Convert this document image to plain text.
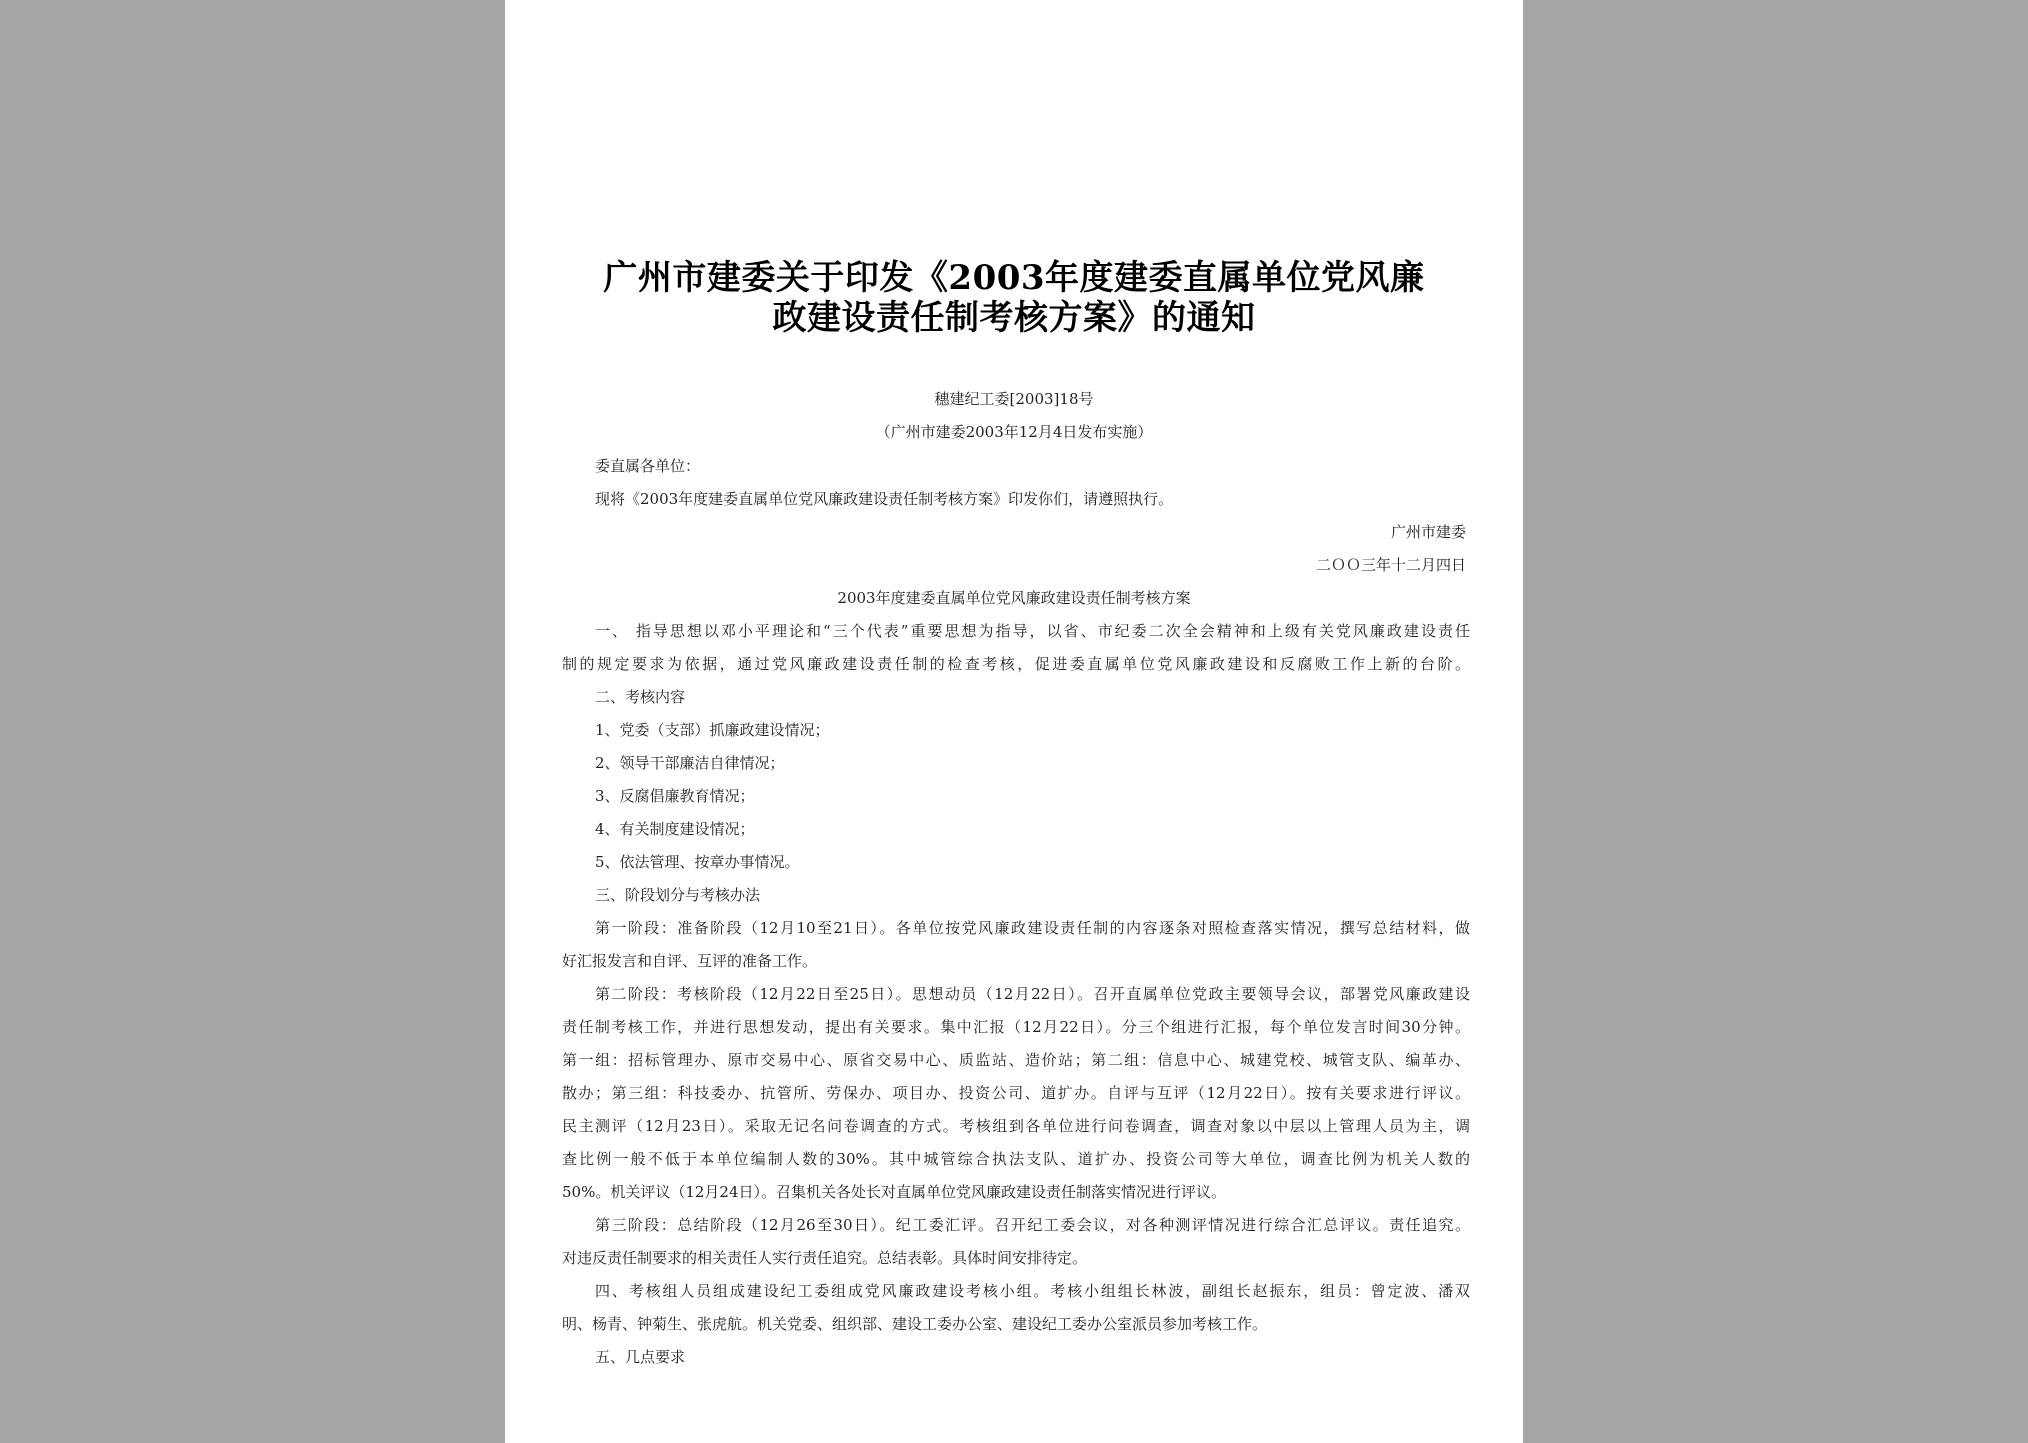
广州市建委关于印发《2003年度建委直属单位党风廉
政建设责任制考核方案》的通知
穗建纪工委[2003]18号
（广州市建委2003年12月4日发布实施）
委直属各单位：
现将《2003年度建委直属单位党风廉政建设责任制考核方案》印发你们，请遵照执行。
广州市建委
二ＯＯ三年十二月四日
2003年度建委直属单位党风廉政建设责任制考核方案
一、 指导思想以邓小平理论和“三个代表”重要思想为指导，以省、市纪委二次全会精神和上级有关党风廉政建设责任
制的规定要求为依据，通过党风廉政建设责任制的检查考核，促进委直属单位党风廉政建设和反腐败工作上新的台阶。
二、考核内容
1、党委（支部）抓廉政建设情况；
2、领导干部廉洁自律情况；
3、反腐倡廉教育情况；
4、有关制度建设情况；
5、依法管理、按章办事情况。
三、阶段划分与考核办法
第一阶段：准备阶段（12月10至21日）。各单位按党风廉政建设责任制的内容逐条对照检查落实情况，撰写总结材料，做
好汇报发言和自评、互评的准备工作。
第二阶段：考核阶段（12月22日至25日）。思想动员（12月22日）。召开直属单位党政主要领导会议，部署党风廉政建设
责任制考核工作，并进行思想发动，提出有关要求。集中汇报（12月22日）。分三个组进行汇报，每个单位发言时间30分钟。
第一组：招标管理办、原市交易中心、原省交易中心、质监站、造价站；第二组：信息中心、城建党校、城管支队、编革办、
散办；第三组：科技委办、抗管所、劳保办、项目办、投资公司、道扩办。自评与互评（12月22日）。按有关要求进行评议。
民主测评（12月23日）。采取无记名问卷调查的方式。考核组到各单位进行问卷调查，调查对象以中层以上管理人员为主，调
查比例一般不低于本单位编制人数的30%。其中城管综合执法支队、道扩办、投资公司等大单位，调查比例为机关人数的
50%。机关评议（12月24日）。召集机关各处长对直属单位党风廉政建设责任制落实情况进行评议。
第三阶段：总结阶段（12月26至30日）。纪工委汇评。召开纪工委会议，对各种测评情况进行综合汇总评议。责任追究。
对违反责任制要求的相关责任人实行责任追究。总结表彰。具体时间安排待定。
四、考核组人员组成建设纪工委组成党风廉政建设考核小组。考核小组组长林波，副组长赵振东，组员：曾定波、潘双
明、杨青、钟菊生、张虎航。机关党委、组织部、建设工委办公室、建设纪工委办公室派员参加考核工作。
五、几点要求
